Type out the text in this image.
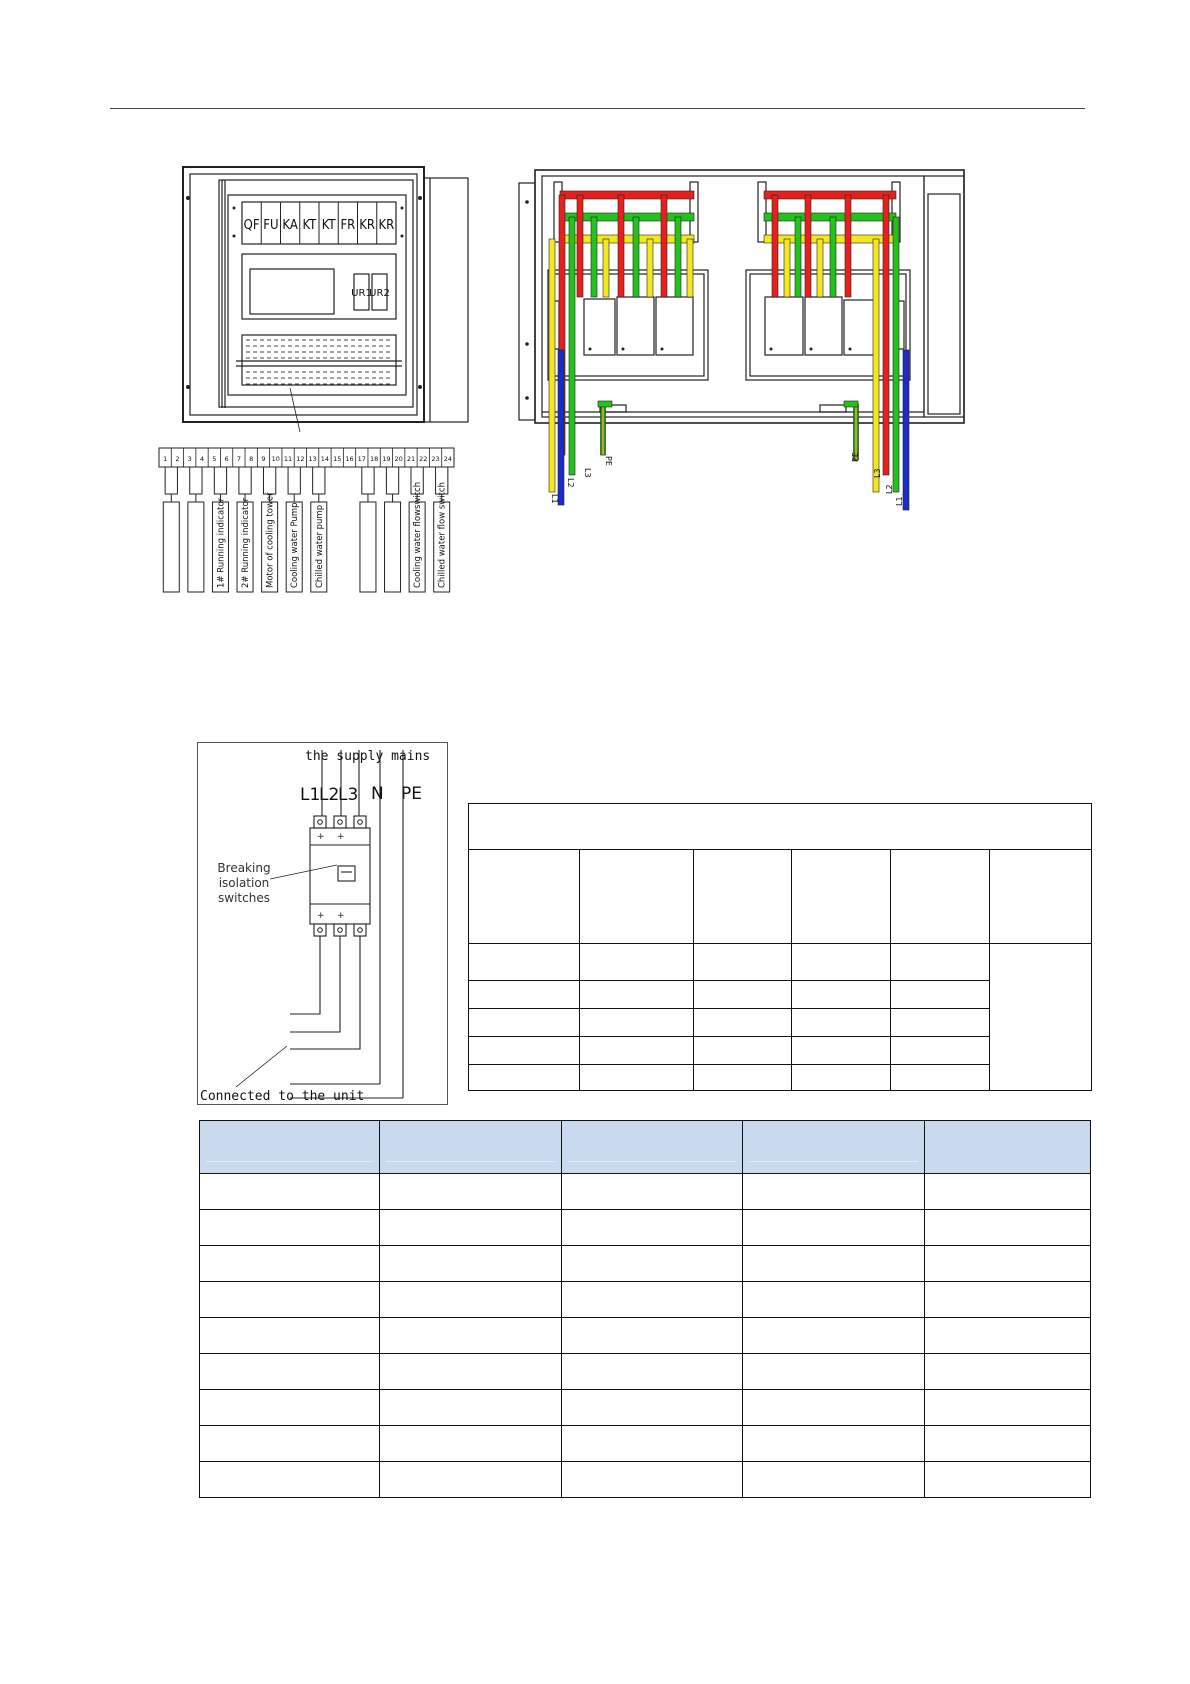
QF FU KA KT KT FR KR KR
UR1
UR2
1 2 3 4 5 6 7 8 9 10 11 12 13 14 15 16 17 18 19 20 21 22 23 24
1# Running indicator 2# Running indicator Motor of cooling tower Cooling water Pump Chilled water pump	Cooling water flowswitch Chilled water flow switch	L1
L2
L3
PE	PE
L3
L2
L1
the supply mains
L1
L2
L3 N PE
+ +
+ +
Breaking
isolation
switches
Connected to the unit
